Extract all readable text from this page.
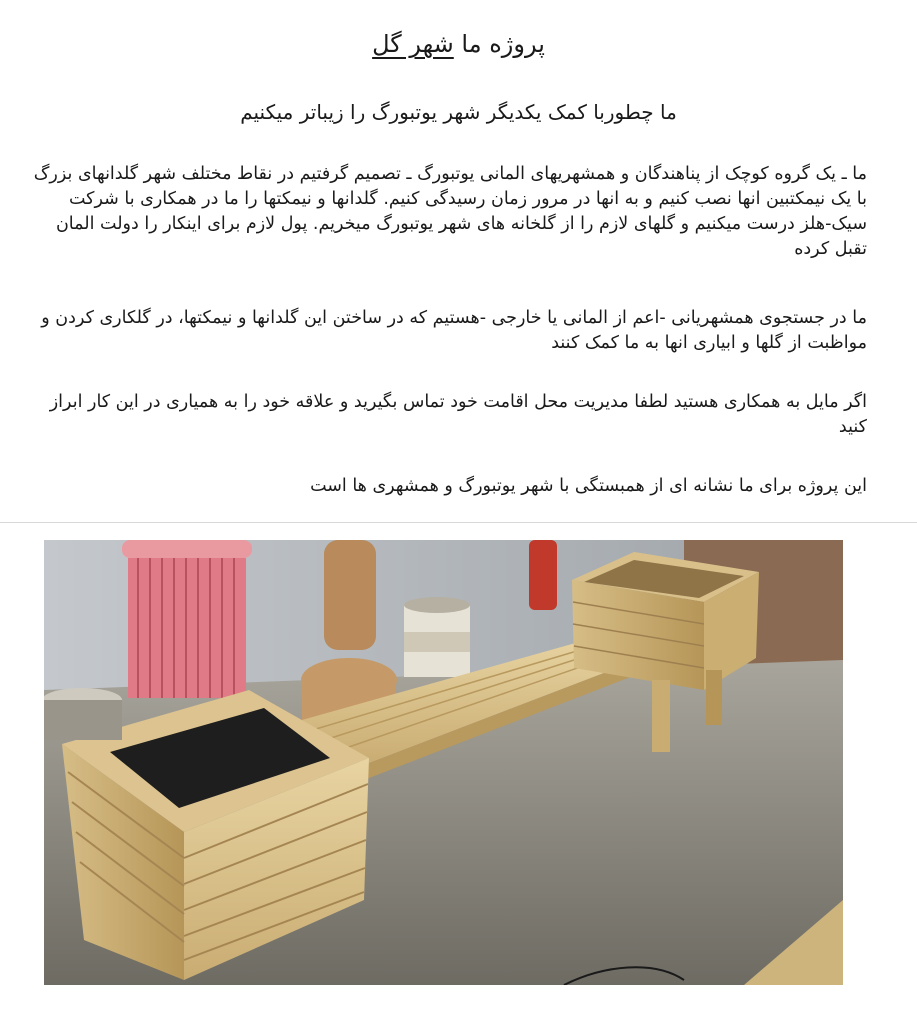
پروژه ما شهر گل
ما چطوربا کمک یکدیگر شهر یوتبورگ را زیباتر میکنیم
ما ـ یک گروه کوچک از پناهندگان و همشهریهای المانی یوتبورگ ـ تصمیم گرفتیم در نقاط مختلف شهر گلدانهای بزرگ با یک نیمکتبین انها نصب کنیم و به انها در مرور زمان رسیدگی کنیم. گلدانها و نیمکتها را ما در همکاری با شرکت سیک-هلز درست میکنیم و گلهای لازم را از گلخانه های شهر یوتبورگ میخریم. پول لازم برای اینکار را دولت المان تقبل کرده
ما در جستجوی همشهریانی -اعم از المانی یا خارجی -هستیم که در ساختن این گلدانها و نیمکتها، در گلکاری کردن و مواظبت از گلها و ابیاری انها به ما کمک کنند
اگر مایل به همکاری هستید لطفا مدیریت محل اقامت خود تماس بگیرید و علاقه خود را به همیاری در این کار ابراز کنید
این پروژه برای ما نشانه ای از همبستگی با شهر یوتبورگ و همشهری ها است
